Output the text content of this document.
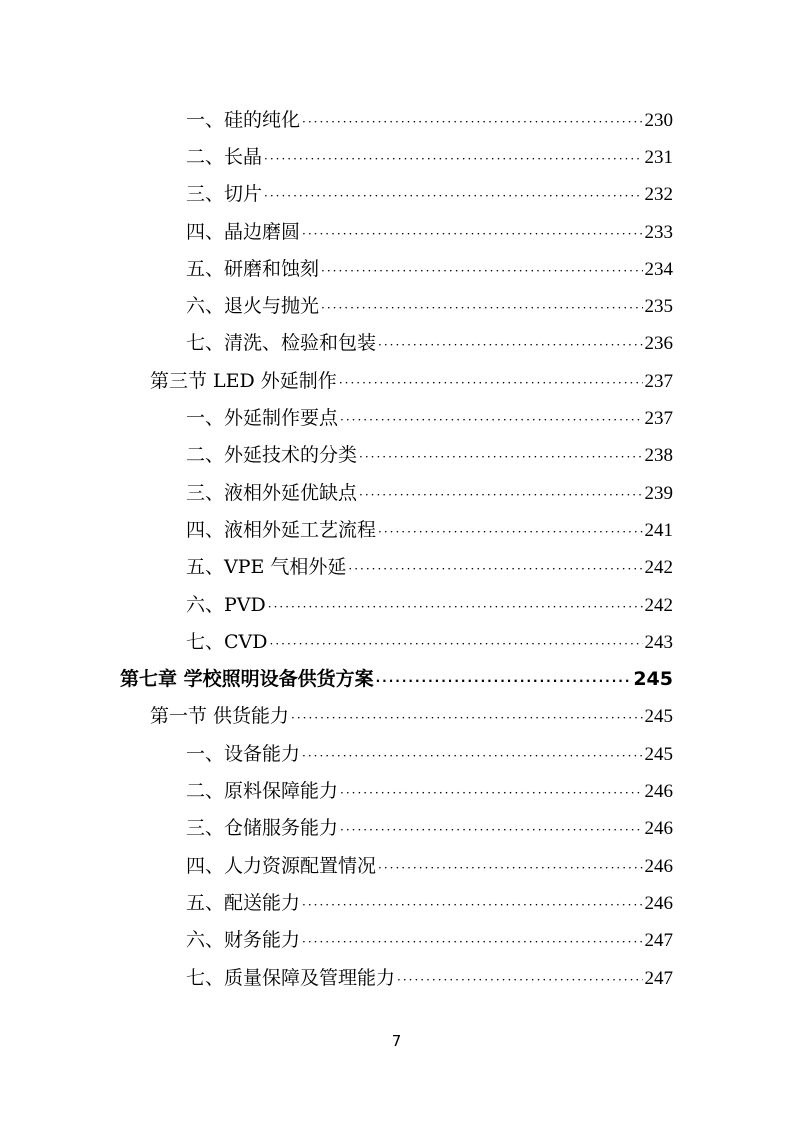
一、硅的纯化 ·····	230
二、长晶 ·····	231
三、切片 ·····	232
四、晶边磨圆 ·····	233
五、研磨和蚀刻 ·····	234
六、退火与抛光 ·····	235
七、清洗、检验和包装 ·····	236
第三节 LED 外延制作 ·····	237
一、外延制作要点 ·····	237
二、外延技术的分类 ·····	238
三、液相外延优缺点 ·····	239
四、液相外延工艺流程 ·····	241
五、VPE 气相外延 ·····	242
六、PVD ·····	242
七、CVD ·····	243
第七章 学校照明设备供货方案 ·····	245
第一节 供货能力 ·····	245
一、设备能力 ·····	245
二、原料保障能力 ·····	246
三、仓储服务能力 ·····	246
四、人力资源配置情况 ·····	246
五、配送能力 ·····	246
六、财务能力 ·····	247
七、质量保障及管理能力 ·····	247
7
